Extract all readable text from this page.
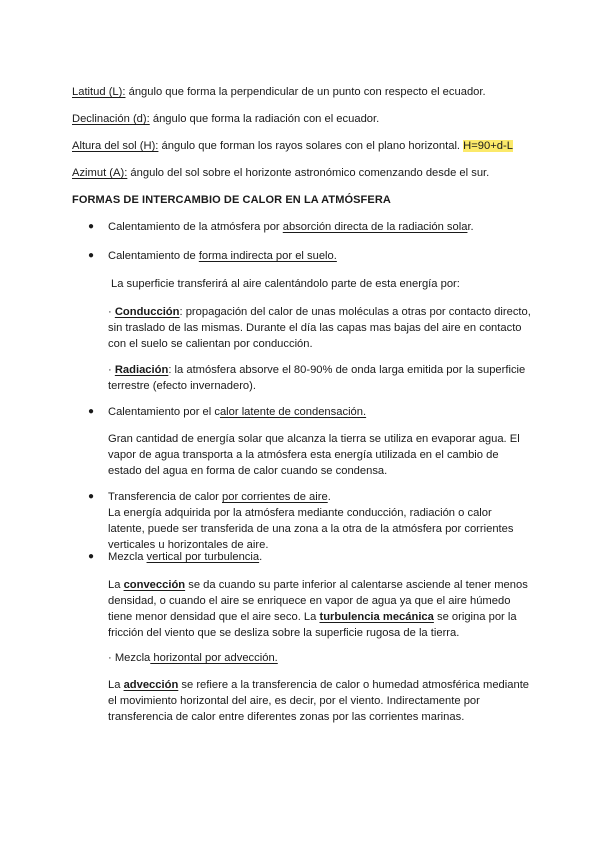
Latitud (L): ángulo que forma la perpendicular de un punto con respecto el ecuador.
Declinación (d): ángulo que forma la radiación con el ecuador.
Altura del sol (H): ángulo que forman los rayos solares con el plano horizontal. H=90+d-L
Azimut (A): ángulo del sol sobre el horizonte astronómico comenzando desde el sur.
FORMAS DE INTERCAMBIO DE CALOR EN LA ATMÓSFERA
● Calentamiento de la atmósfera por absorción directa de la radiación solar.
● Calentamiento de forma indirecta por el suelo.
La superficie transferirá al aire calentándolo parte de esta energía por:
· Conducción: propagación del calor de unas moléculas a otras por contacto directo,
sin traslado de las mismas. Durante el día las capas mas bajas del aire en contacto
con el suelo se calientan por conducción.
· Radiación: la atmósfera absorve el 80-90% de onda larga emitida por la superficie
terrestre (efecto invernadero).
● Calentamiento por el calor latente de condensación.
Gran cantidad de energía solar que alcanza la tierra se utiliza en evaporar agua. El
vapor de agua transporta a la atmósfera esta energía utilizada en el cambio de
estado del agua en forma de calor cuando se condensa.
● Transferencia de calor por corrientes de aire.
La energía adquirida por la atmósfera mediante conducción, radiación o calor
latente, puede ser transferida de una zona a la otra de la atmósfera por corrientes
verticales u horizontales de aire.
● Mezcla vertical por turbulencia.
La convección se da cuando su parte inferior al calentarse asciende al tener menos
densidad, o cuando el aire se enriquece en vapor de agua ya que el aire húmedo
tiene menor densidad que el aire seco. La turbulencia mecánica se origina por la
fricción del viento que se desliza sobre la superficie rugosa de la tierra.
· Mezcla horizontal por advección.
La advección se refiere a la transferencia de calor o humedad atmosférica mediante
el movimiento horizontal del aire, es decir, por el viento. Indirectamente por
transferencia de calor entre diferentes zonas por las corrientes marinas.
